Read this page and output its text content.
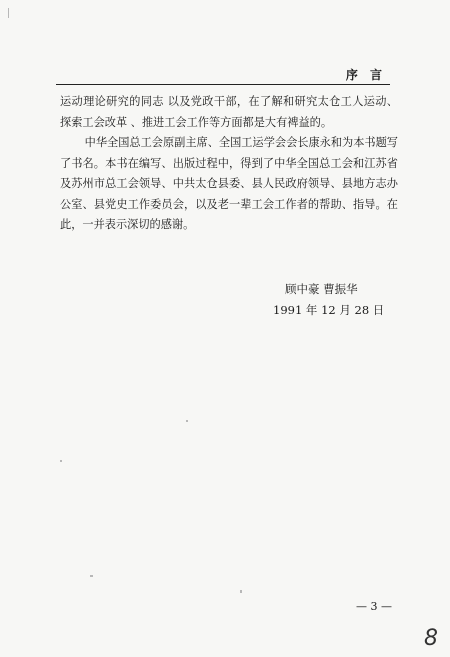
序 言

运动理论研究的同志 以及党政干部，在了解和研究太仓工人运动、探索工会改革 、推进工会工作等方面都是大有裨益的。

中华全国总工会原副主席、全国工运学会会长康永和为本书题写了书名。本书在编写、出版过程中，得到了中华全国总工会和江苏省及苏州市总工会领导、中共太仓县委、县人民政府领导、县地方志办公室、县党史工作委员会，以及老一辈工会工作者的帮助、指导。在此，一并表示深切的感谢。

顾中豪 曹振华
1991 年 12 月 28 日
— 3 —
8
